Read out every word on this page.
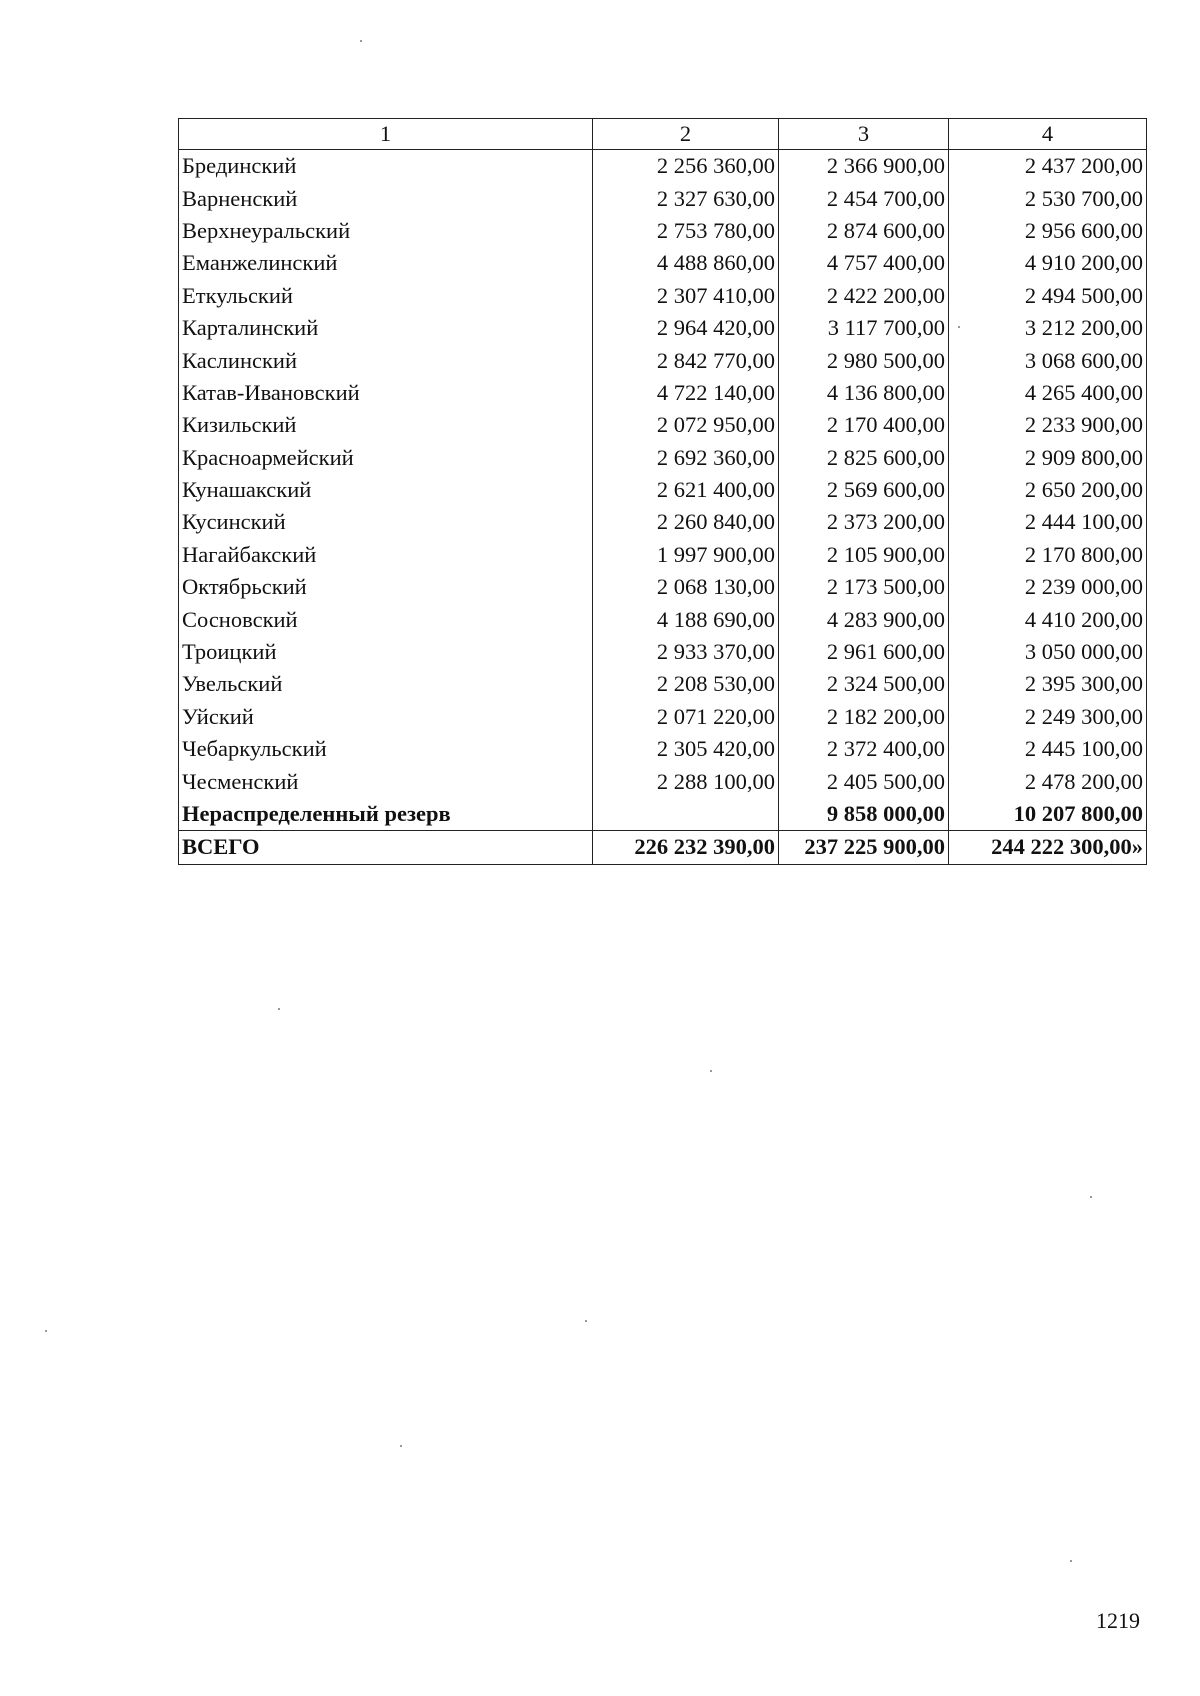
1	2	3	4
Брединский	2 256 360,00	2 366 900,00	2 437 200,00
Варненский	2 327 630,00	2 454 700,00	2 530 700,00
Верхнеуральский	2 753 780,00	2 874 600,00	2 956 600,00
Еманжелинский	4 488 860,00	4 757 400,00	4 910 200,00
Еткульский	2 307 410,00	2 422 200,00	2 494 500,00
Карталинский	2 964 420,00	3 117 700,00	3 212 200,00
Каслинский	2 842 770,00	2 980 500,00	3 068 600,00
Катав-Ивановский	4 722 140,00	4 136 800,00	4 265 400,00
Кизильский	2 072 950,00	2 170 400,00	2 233 900,00
Красноармейский	2 692 360,00	2 825 600,00	2 909 800,00
Кунашакский	2 621 400,00	2 569 600,00	2 650 200,00
Кусинский	2 260 840,00	2 373 200,00	2 444 100,00
Нагайбакский	1 997 900,00	2 105 900,00	2 170 800,00
Октябрьский	2 068 130,00	2 173 500,00	2 239 000,00
Сосновский	4 188 690,00	4 283 900,00	4 410 200,00
Троицкий	2 933 370,00	2 961 600,00	3 050 000,00
Увельский	2 208 530,00	2 324 500,00	2 395 300,00
Уйский	2 071 220,00	2 182 200,00	2 249 300,00
Чебаркульский	2 305 420,00	2 372 400,00	2 445 100,00
Чесменский	2 288 100,00	2 405 500,00	2 478 200,00
Нераспределенный резерв		9 858 000,00	10 207 800,00
ВСЕГО	226 232 390,00	237 225 900,00	244 222 300,00»
1219
